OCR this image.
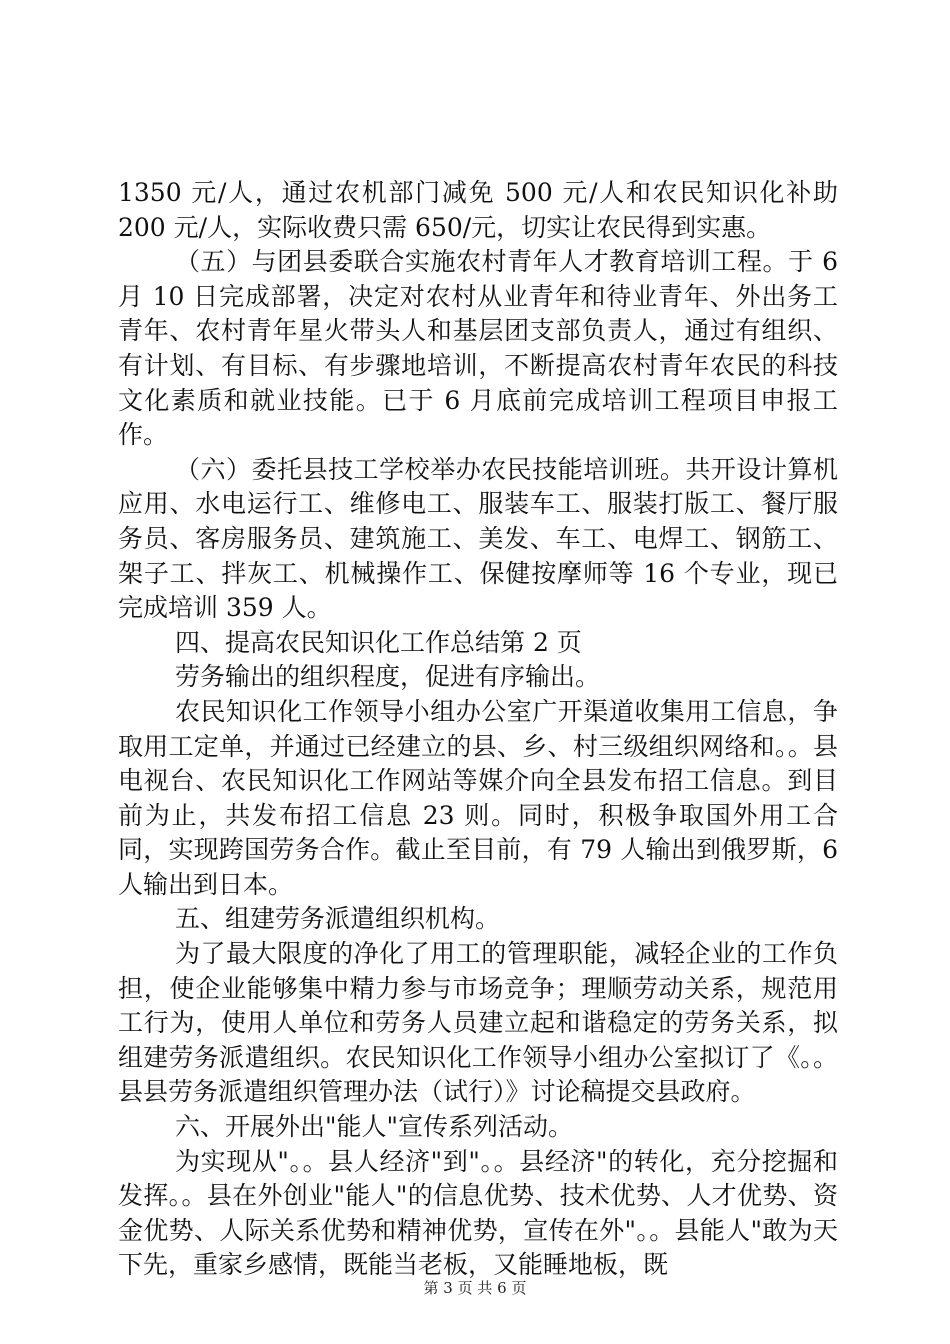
1350 元/人，通过农机部门减免 500 元/人和农民知识化补助 200 元/人，实际收费只需 650/元，切实让农民得到实惠。

（五）与团县委联合实施农村青年人才教育培训工程。于 6 月 10 日完成部署，决定对农村从业青年和待业青年、外出务工青年、农村青年星火带头人和基层团支部负责人，通过有组织、有计划、有目标、有步骤地培训，不断提高农村青年农民的科技文化素质和就业技能。已于 6 月底前完成培训工程项目申报工作。

（六）委托县技工学校举办农民技能培训班。共开设计算机应用、水电运行工、维修电工、服装车工、服装打版工、餐厅服务员、客房服务员、建筑施工、美发、车工、电焊工、钢筋工、架子工、拌灰工、机械操作工、保健按摩师等 16 个专业，现已完成培训 359 人。

四、提高农民知识化工作总结第 2 页

劳务输出的组织程度，促进有序输出。

农民知识化工作领导小组办公室广开渠道收集用工信息，争取用工定单，并通过已经建立的县、乡、村三级组织网络和。。县电视台、农民知识化工作网站等媒介向全县发布招工信息。到目前为止，共发布招工信息 23 则。同时，积极争取国外用工合同，实现跨国劳务合作。截止至目前，有 79 人输出到俄罗斯，6 人输出到日本。

五、组建劳务派遣组织机构。

为了最大限度的净化了用工的管理职能，减轻企业的工作负担，使企业能够集中精力参与市场竞争；理顺劳动关系，规范用工行为，使用人单位和劳务人员建立起和谐稳定的劳务关系，拟组建劳务派遣组织。农民知识化工作领导小组办公室拟订了《。。县县劳务派遣组织管理办法（试行）》讨论稿提交县政府。

六、开展外出"能人"宣传系列活动。

为实现从"。。县人经济"到"。。县经济"的转化，充分挖掘和发挥。。县在外创业"能人"的信息优势、技术优势、人才优势、资金优势、人际关系优势和精神优势，宣传在外"。。县能人"敢为天下先，重家乡感情，既能当老板，又能睡地板，既

第 3 页 共 6 页
